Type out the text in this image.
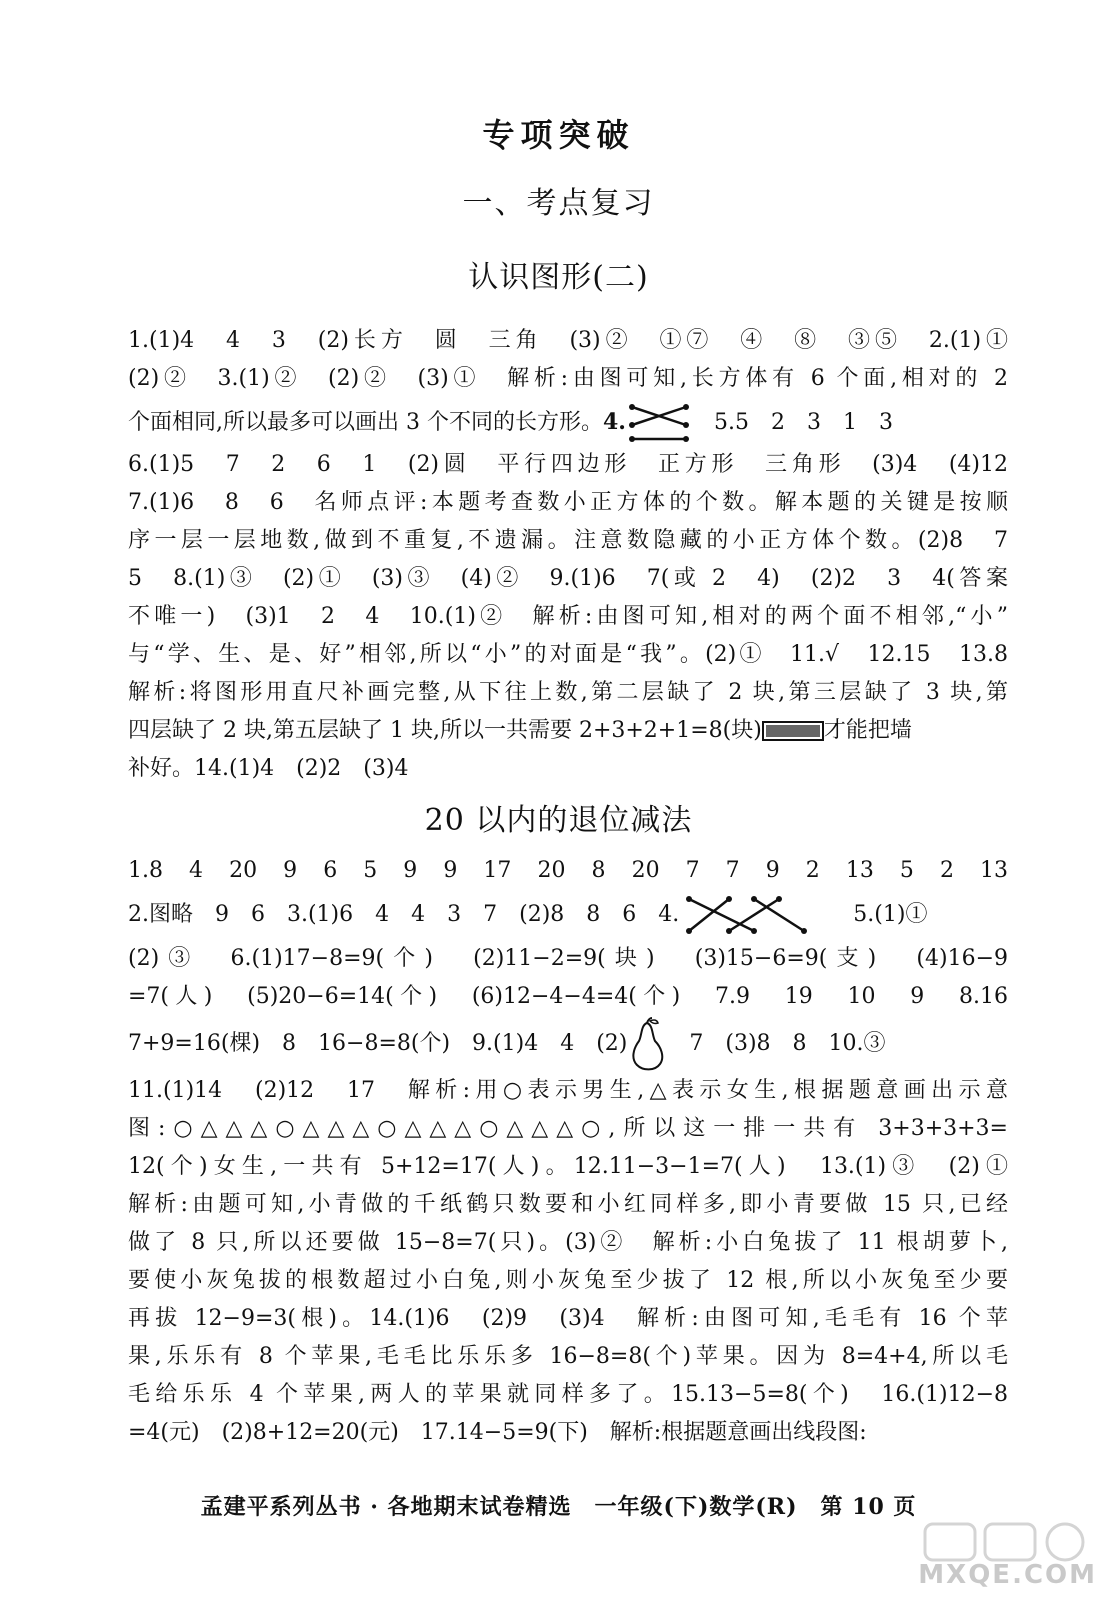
专项突破
一、考点复习
认识图形(二)
1.(1)4　4　3　(2)长方　圆　三角　(3)②　①⑦　④　⑧　③⑤　2.(1)①
(2)②　3.(1)②　(2)②　(3)①　解析:由图可知,长方体有 6 个面,相对的 2
个面相同,所以最多可以画出 3 个不同的长方形。4.　	5.5　2　3　1　3
6.(1)5　7　2　6　1　(2)圆　平行四边形　正方形　三角形　(3)4　(4)12
7.(1)6　8　6　名师点评:本题考查数小正方体的个数。解本题的关键是按顺
序一层一层地数,做到不重复,不遗漏。注意数隐藏的小正方体个数。(2)8　7
5　8.(1)③　(2)①　(3)③　(4)②　9.(1)6　7(或 2　4)　(2)2　3　4(答案
不唯一)　(3)1　2　4　10.(1)②　解析:由图可知,相对的两个面不相邻,“小”
与“学、生、是、好”相邻,所以“小”的对面是“我”。(2)①　11.√　12.15　13.8
解析:将图形用直尺补画完整,从下往上数,第二层缺了 2 块,第三层缺了 3 块,第
四层缺了 2 块,第五层缺了 1 块,所以一共需要 2+3+2+1=8(块)	才能把墙
补好。14.(1)4　(2)2　(3)4
20 以内的退位减法
1.8　4　20　9　6　5　9　9　17　20　8　20　7　7　9　2　13　5　2　13
2.图略　9　6　3.(1)6　4　4　3　7　(2)8　8　6　4.　　	5.(1)①
(2)③　6.(1)17−8=9(个)　(2)11−2=9(块)　(3)15−6=9(支)　(4)16−9
=7(人)　(5)20−6=14(个)　(6)12−4−4=4(个)　7.9　19　10　9　8.16
7+9=16(棵)　8　16−8=8(个)　9.(1)4　4　(2)　	7　(3)8　8　10.③
11.(1)14　(2)12　17　解析:用○表示男生,△表示女生,根据题意画出示意
图:○△△△○△△△○△△△○△△△○,所以这一排一共有 3+3+3+3=
12(个)女生,一共有 5+12=17(人)。12.11−3−1=7(人)　13.(1)③　(2)①
解析:由题可知,小青做的千纸鹤只数要和小红同样多,即小青要做 15 只,已经
做了 8 只,所以还要做 15−8=7(只)。(3)②　解析:小白兔拔了 11 根胡萝卜,
要使小灰兔拔的根数超过小白兔,则小灰兔至少拔了 12 根,所以小灰兔至少要
再拔 12−9=3(根)。14.(1)6　(2)9　(3)4　解析:由图可知,毛毛有 16 个苹
果,乐乐有 8 个苹果,毛毛比乐乐多 16−8=8(个)苹果。因为 8=4+4,所以毛
毛给乐乐 4 个苹果,两人的苹果就同样多了。15.13−5=8(个)　16.(1)12−8
=4(元)　(2)8+12=20(元)　17.14−5=9(下)　解析:根据题意画出线段图:
孟建平系列丛书 · 各地期末试卷精选　一年级(下)数学(R)　第 10 页
MXQE.COM
